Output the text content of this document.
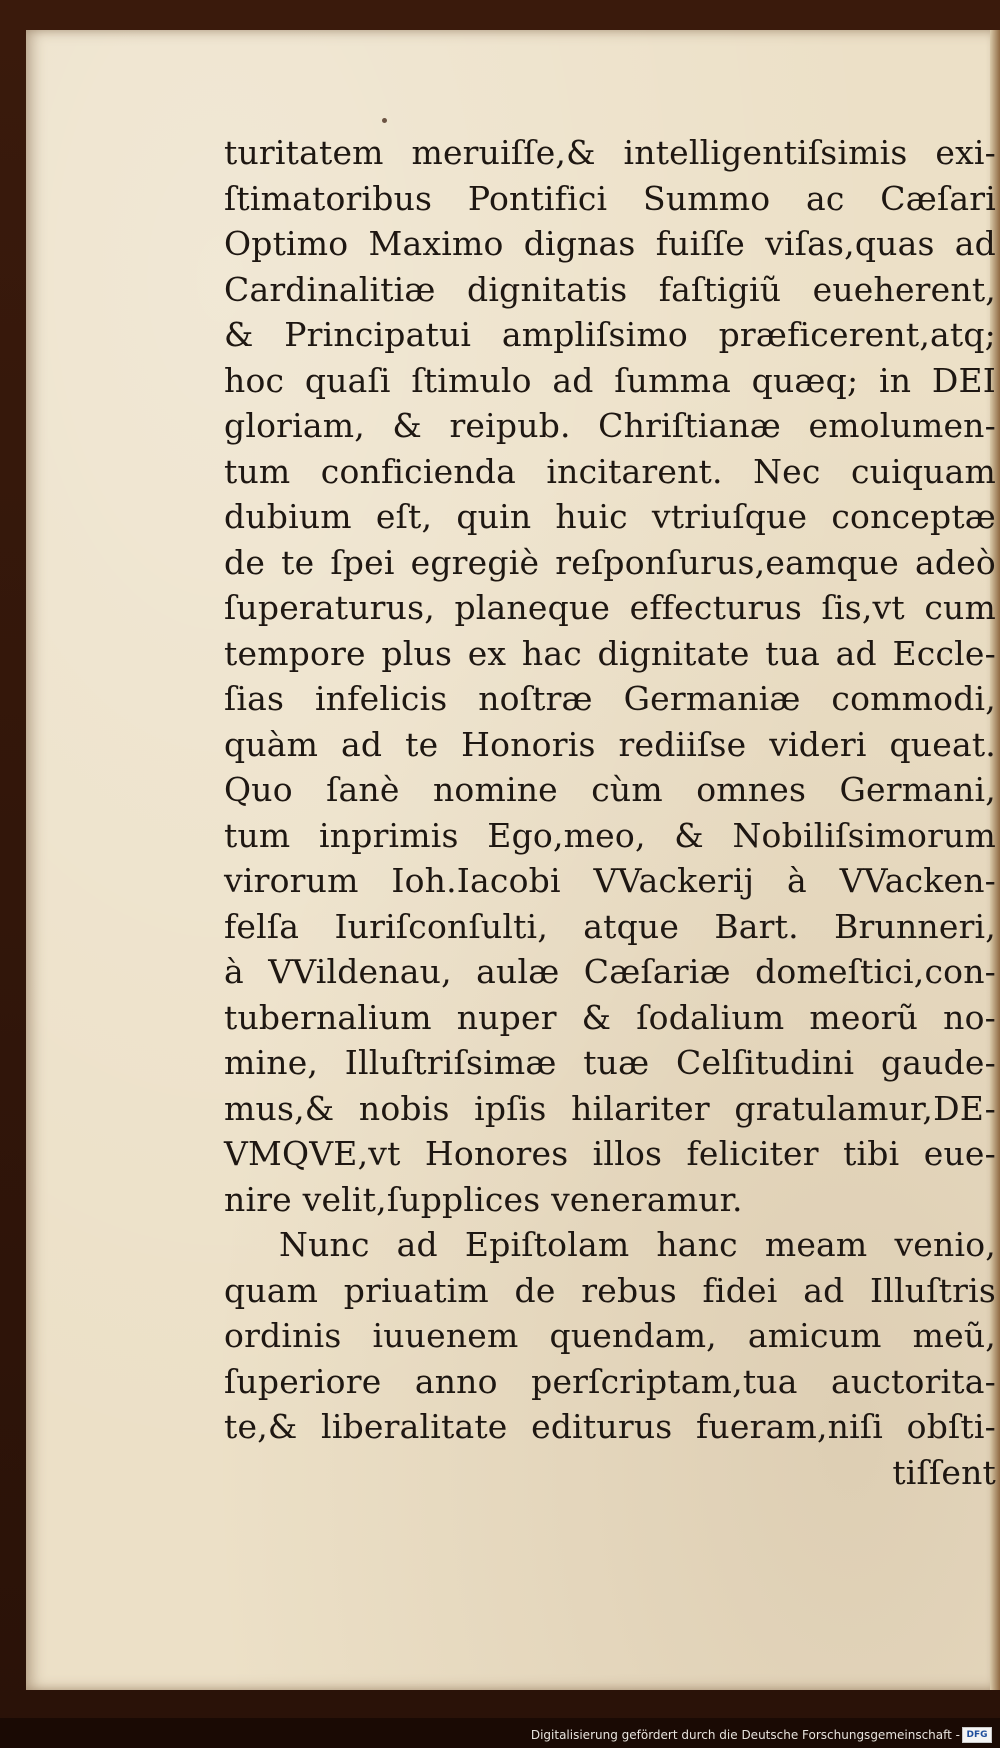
turitatem meruiſſe,& intelligentiſsimis exi-
ſtimatoribus Pontifici Summo ac Cæſari
Optimo Maximo dignas fuiſſe viſas,quas ad
Cardinalitiæ dignitatis faſtigiũ eueherent,
& Principatui ampliſsimo præficerent,atq;
hoc quaſi ſtimulo ad ſumma quæq; in DEI
gloriam, & reipub. Chriſtianæ emolumen-
tum conficienda incitarent. Nec cuiquam
dubium eſt, quin huic vtriuſque conceptæ
de te ſpei egregiè reſponſurus,eamque adeò
ſuperaturus, planeque effecturus ſis,vt cum
tempore plus ex hac dignitate tua ad Eccle-
ſias infelicis noſtræ Germaniæ commodi,
quàm ad te Honoris rediiſse videri queat.
Quo ſanè nomine cùm omnes Germani,
tum inprimis Ego,meo, & Nobiliſsimorum
virorum Ioh.Iacobi VVackerij à VVacken-
felſa Iuriſconſulti, atque Bart. Brunneri,
à VVildenau, aulæ Cæſariæ domeſtici,con-
tubernalium nuper & ſodalium meorũ no-
mine, Illuſtriſsimæ tuæ Celſitudini gaude-
mus,& nobis ipſis hilariter gratulamur,DE-
VMQVE,vt Honores illos feliciter tibi eue-
nire velit,ſupplices veneramur.
Nunc ad Epiſtolam hanc meam venio,
quam priuatim de rebus fidei ad Illuſtris
ordinis iuuenem quendam, amicum meũ,
ſuperiore anno perſcriptam,tua auctorita-
te,& liberalitate editurus fueram,niſi obſti-
tiſſent
Digitalisierung gefördert durch die Deutsche Forschungsgemeinschaft - DFG
